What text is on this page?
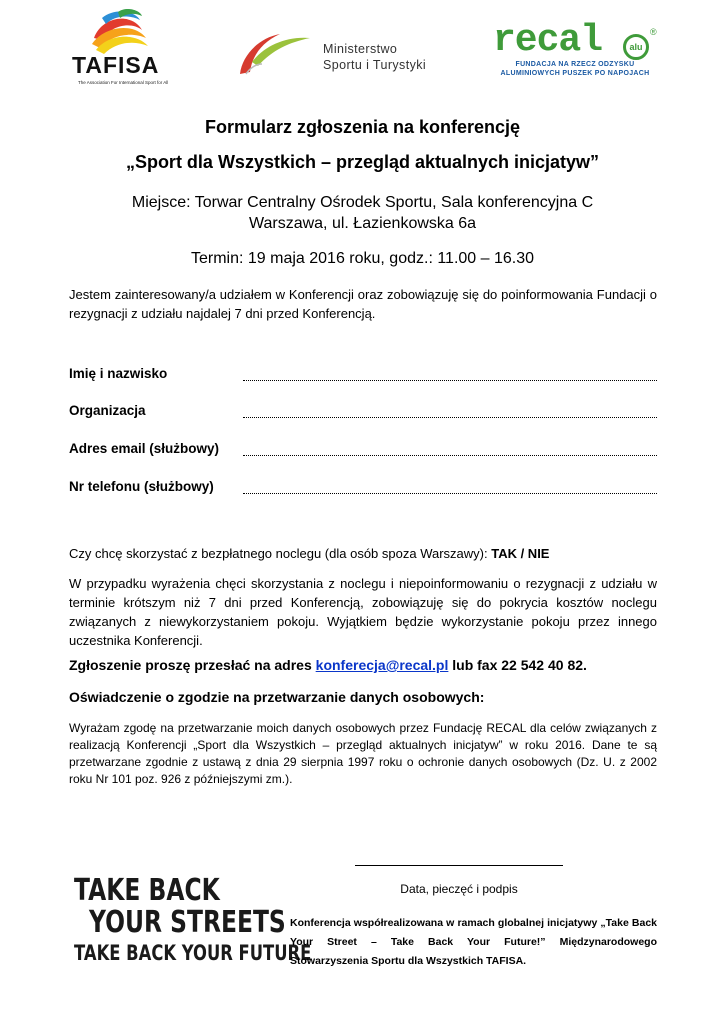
TAFISA
The Association For International Sport for All
Ministerstwo
Sportu i Turystyki
recal	alu
®
FUNDACJA NA RZECZ ODZYSKU
ALUMINIOWYCH PUSZEK PO NAPOJACH
Formularz zgłoszenia na konferencję
„Sport dla Wszystkich – przegląd aktualnych inicjatyw”
Miejsce: Torwar Centralny Ośrodek Sportu, Sala konferencyjna C
Warszawa, ul. Łazienkowska 6a
Termin: 19 maja 2016 roku, godz.: 11.00 – 16.30
Jestem zainteresowany/a udziałem w Konferencji oraz zobowiązuję się do poinformowania Fundacji o rezygnacji z udziału najdalej 7 dni przed Konferencją.
Imię i nazwisko
Organizacja
Adres email (służbowy)
Nr telefonu (służbowy)
Czy chcę skorzystać z bezpłatnego noclegu (dla osób spoza Warszawy): TAK / NIE
W przypadku wyrażenia chęci skorzystania z noclegu i niepoinformowaniu o rezygnacji z udziału w terminie krótszym niż 7 dni przed Konferencją, zobowiązuję się do pokrycia kosztów noclegu związanych z niewykorzystaniem pokoju. Wyjątkiem będzie wykorzystanie pokoju przez innego uczestnika Konferencji.
Zgłoszenie proszę przesłać na adres konferecja@recal.pl lub fax 22 542 40 82.
Oświadczenie o zgodzie na przetwarzanie danych osobowych:
Wyrażam zgodę na przetwarzanie moich danych osobowych przez Fundację RECAL dla celów związanych z realizacją Konferencji „Sport dla Wszystkich – przegląd aktualnych inicjatyw” w roku 2016. Dane te są przetwarzane zgodnie z ustawą z dnia 29 sierpnia 1997 roku o ochronie danych osobowych (Dz. U. z 2002 roku Nr 101 poz. 926 z późniejszymi zm.).
Data, pieczęć i podpis
TAKE BACK
YOUR STREETS
TAKE BACK YOUR FUTURE
Konferencja współrealizowana w ramach globalnej inicjatywy „Take Back Your Street – Take Back Your Future!” Międzynarodowego Stowarzyszenia Sportu dla Wszystkich TAFISA.
